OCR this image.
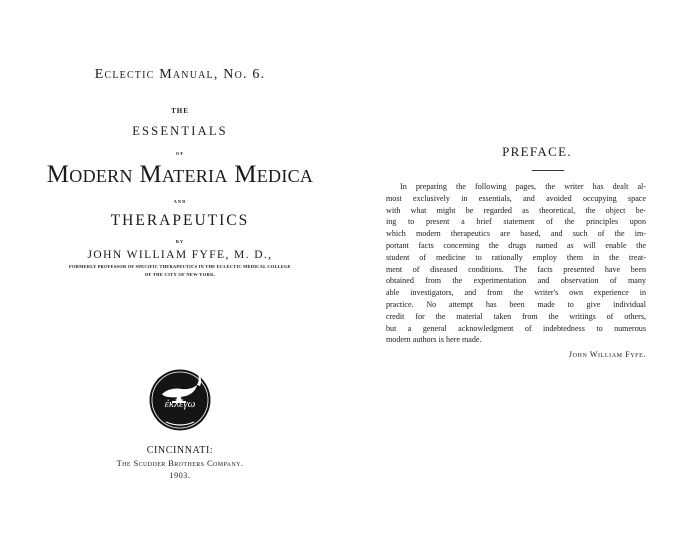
Eclectic Manual, No. 6.
THE
ESSENTIALS
OF
Modern Materia Medica
AND
THERAPEUTICS
BY
JOHN WILLIAM FYFE, M. D.,
FORMERLY PROFESSOR OF SPECIFIC THERAPEUTICS IN THE ECLECTIC MEDICAL COLLEGE
OF THE CITY OF NEW YORK.
ἐκλέγω
CINCINNATI:
The Scudder Brothers Company.
1903.
PREFACE.
In preparing the following pages, the writer has dealt al-
most exclusively in essentials, and avoided occupying space
with what might be regarded as theoretical, the object be-
ing to present a brief statement of the principles upon
which modern therapeutics are based, and such of the im-
portant facts concerning the drugs named as will enable the
student of medicine to rationally employ them in the treat-
ment of diseased conditions. The facts presented have been
obtained from the experimentation and observation of many
able investigators, and from the writer's own experience in
practice. No attempt has been made to give individual
credit for the material taken from the writings of others,
but a general acknowledgment of indebtedness to numerous
modern authors is here made.
John William Fyfe.
